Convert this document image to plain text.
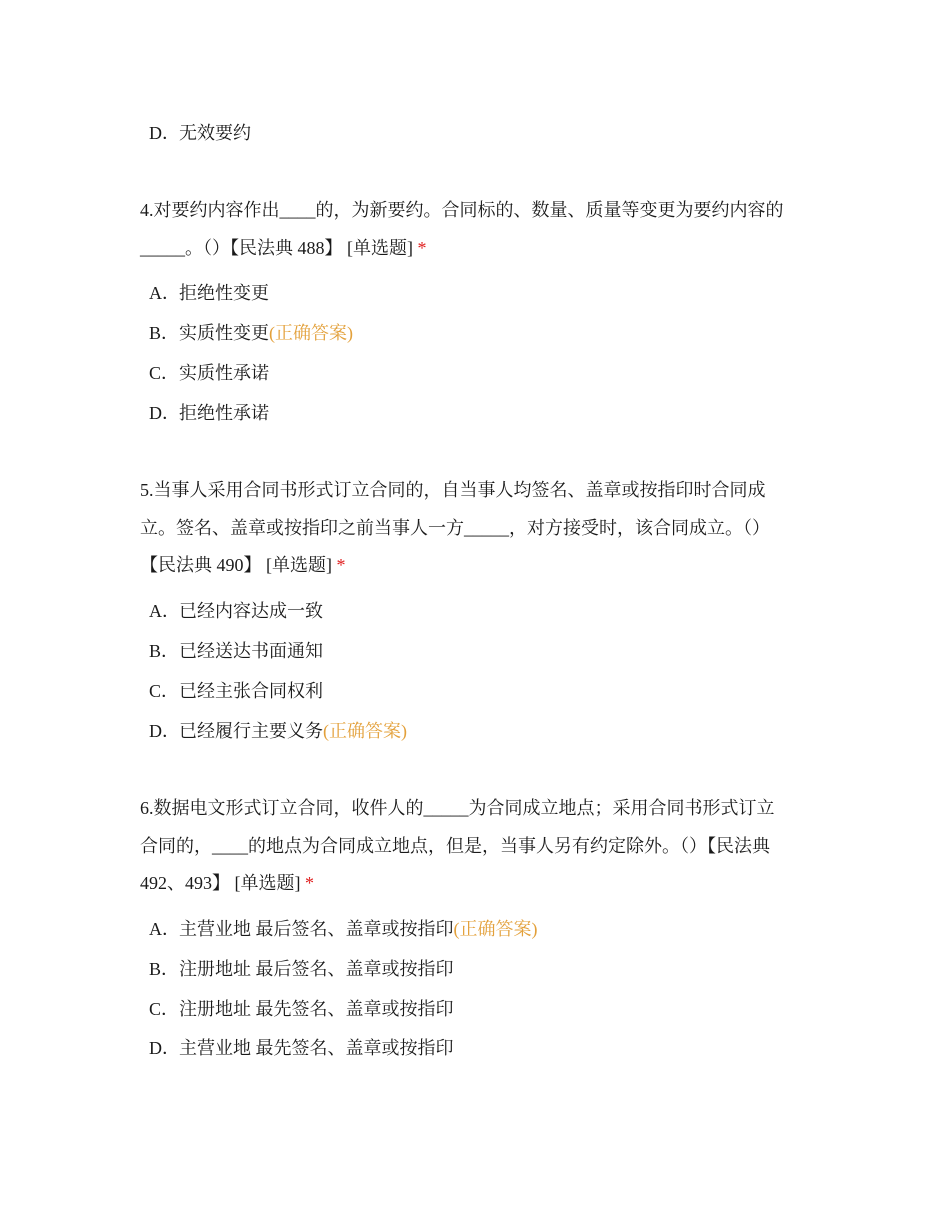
D．无效要约
4.对要约内容作出____的，为新要约。合同标的、数量、质量等变更为要约内容的
_____。（）【民法典 488】 [单选题] *
A．拒绝性变更
B．实质性变更(正确答案)
C．实质性承诺
D．拒绝性承诺
5.当事人采用合同书形式订立合同的，自当事人均签名、盖章或按指印时合同成
立。签名、盖章或按指印之前当事人一方_____，对方接受时，该合同成立。（）
【民法典 490】 [单选题] *
A．已经内容达成一致
B．已经送达书面通知
C．已经主张合同权利
D．已经履行主要义务(正确答案)
6.数据电文形式订立合同，收件人的_____为合同成立地点；采用合同书形式订立
合同的，____的地点为合同成立地点，但是，当事人另有约定除外。（）【民法典
492、493】 [单选题] *
A．主营业地 最后签名、盖章或按指印(正确答案)
B．注册地址 最后签名、盖章或按指印
C．注册地址 最先签名、盖章或按指印
D．主营业地 最先签名、盖章或按指印
